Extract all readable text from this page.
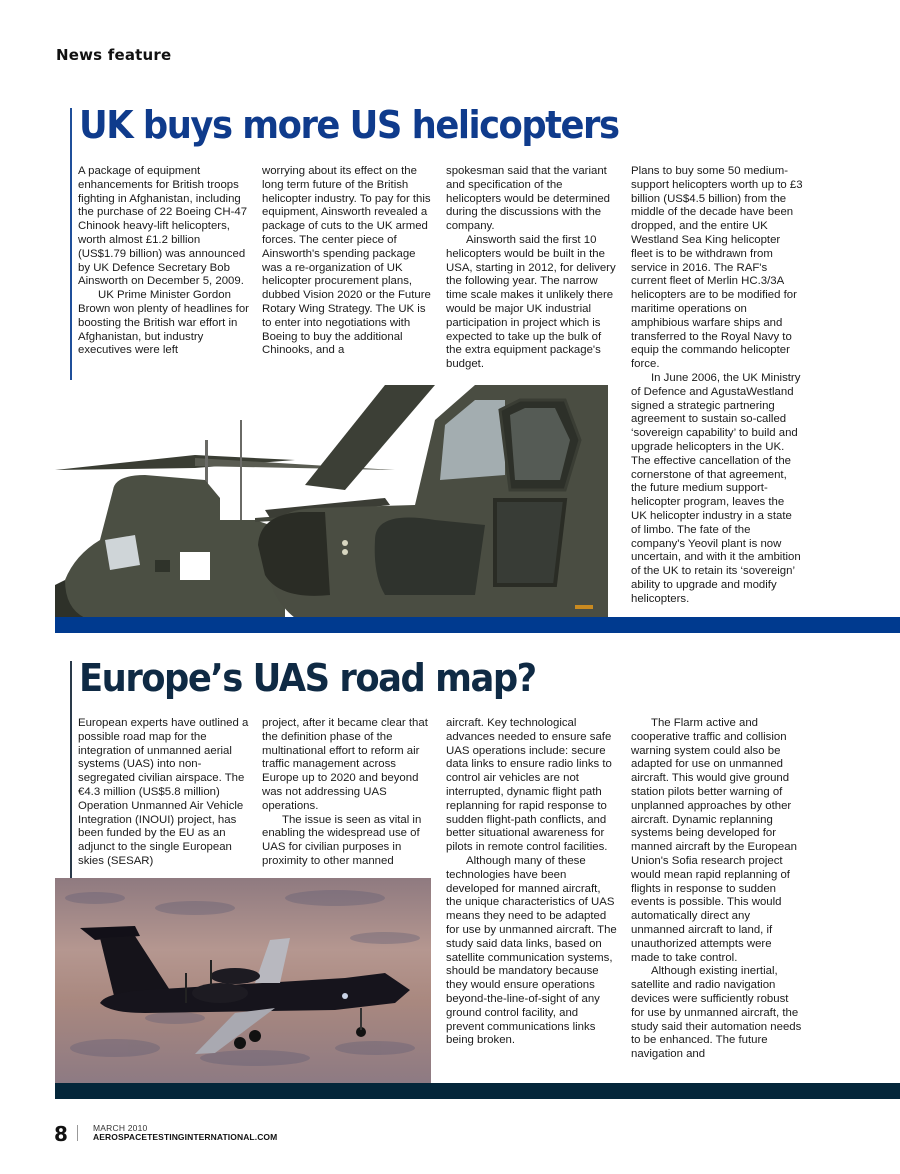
News feature
UK buys more US helicopters

A package of equipment enhancements for British troops fighting in Afghanistan, including the purchase of 22 Boeing CH-47 Chinook heavy-lift helicopters, worth almost £1.2 billion (US$1.79 billion) was announced by UK Defence Secretary Bob Ainsworth on December 5, 2009.

UK Prime Minister Gordon Brown won plenty of headlines for boosting the British war effort in Afghanistan, but industry executives were left

worrying about its effect on the long term future of the British helicopter industry. To pay for this equipment, Ainsworth revealed a package of cuts to the UK armed forces. The center piece of Ainsworth's spending package was a re-organization of UK helicopter procurement plans, dubbed Vision 2020 or the Future Rotary Wing Strategy. The UK is to enter into negotiations with Boeing to buy the additional Chinooks, and a

spokesman said that the variant and specification of the helicopters would be determined during the discussions with the company.

Ainsworth said the first 10 helicopters would be built in the USA, starting in 2012, for delivery the following year. The narrow time scale makes it unlikely there would be major UK industrial participation in project which is expected to take up the bulk of the extra equipment package's budget.

Plans to buy some 50 medium-support helicopters worth up to £3 billion (US$4.5 billion) from the middle of the decade have been dropped, and the entire UK Westland Sea King helicopter fleet is to be withdrawn from service in 2016. The RAF's current fleet of Merlin HC.3/3A helicopters are to be modified for maritime operations on amphibious warfare ships and transferred to the Royal Navy to equip the commando helicopter force.

In June 2006, the UK Ministry of Defence and AgustaWestland signed a strategic partnering agreement to sustain so-called ‘sovereign capability’ to build and upgrade helicopters in the UK. The effective cancellation of the cornerstone of that agreement, the future medium support-helicopter program, leaves the UK helicopter industry in a state of limbo. The fate of the company's Yeovil plant is now uncertain, and with it the ambition of the UK to retain its ‘sovereign’ ability to upgrade and modify helicopters.

Europe’s UAS road map?

European experts have outlined a possible road map for the integration of unmanned aerial systems (UAS) into non-segregated civilian airspace. The €4.3 million (US$5.8 million) Operation Unmanned Air Vehicle Integration (INOUI) project, has been funded by the EU as an adjunct to the single European skies (SESAR)

project, after it became clear that the definition phase of the multinational effort to reform air traffic management across Europe up to 2020 and beyond was not addressing UAS operations.

The issue is seen as vital in enabling the widespread use of UAS for civilian purposes in proximity to other manned

aircraft. Key technological advances needed to ensure safe UAS operations include: secure data links to ensure radio links to control air vehicles are not interrupted, dynamic flight path replanning for rapid response to sudden flight-path conflicts, and better situational awareness for pilots in remote control facilities.

Although many of these technologies have been developed for manned aircraft, the unique characteristics of UAS means they need to be adapted for use by unmanned aircraft. The study said data links, based on satellite communication systems, should be mandatory because they would ensure operations beyond-the-line-of-sight of any ground control facility, and prevent communications links being broken.

The Flarm active and cooperative traffic and collision warning system could also be adapted for use on unmanned aircraft. This would give ground station pilots better warning of unplanned approaches by other aircraft. Dynamic replanning systems being developed for manned aircraft by the European Union's Sofia research project would mean rapid replanning of flights in response to sudden events is possible. This would automatically direct any unmanned aircraft to land, if unauthorized attempts were made to take control.

Although existing inertial, satellite and radio navigation devices were sufficiently robust for use by unmanned aircraft, the study said their automation needs to be enhanced. The future navigation and

8	MARCH 2010
AEROSPACETESTINGINTERNATIONAL.COM
